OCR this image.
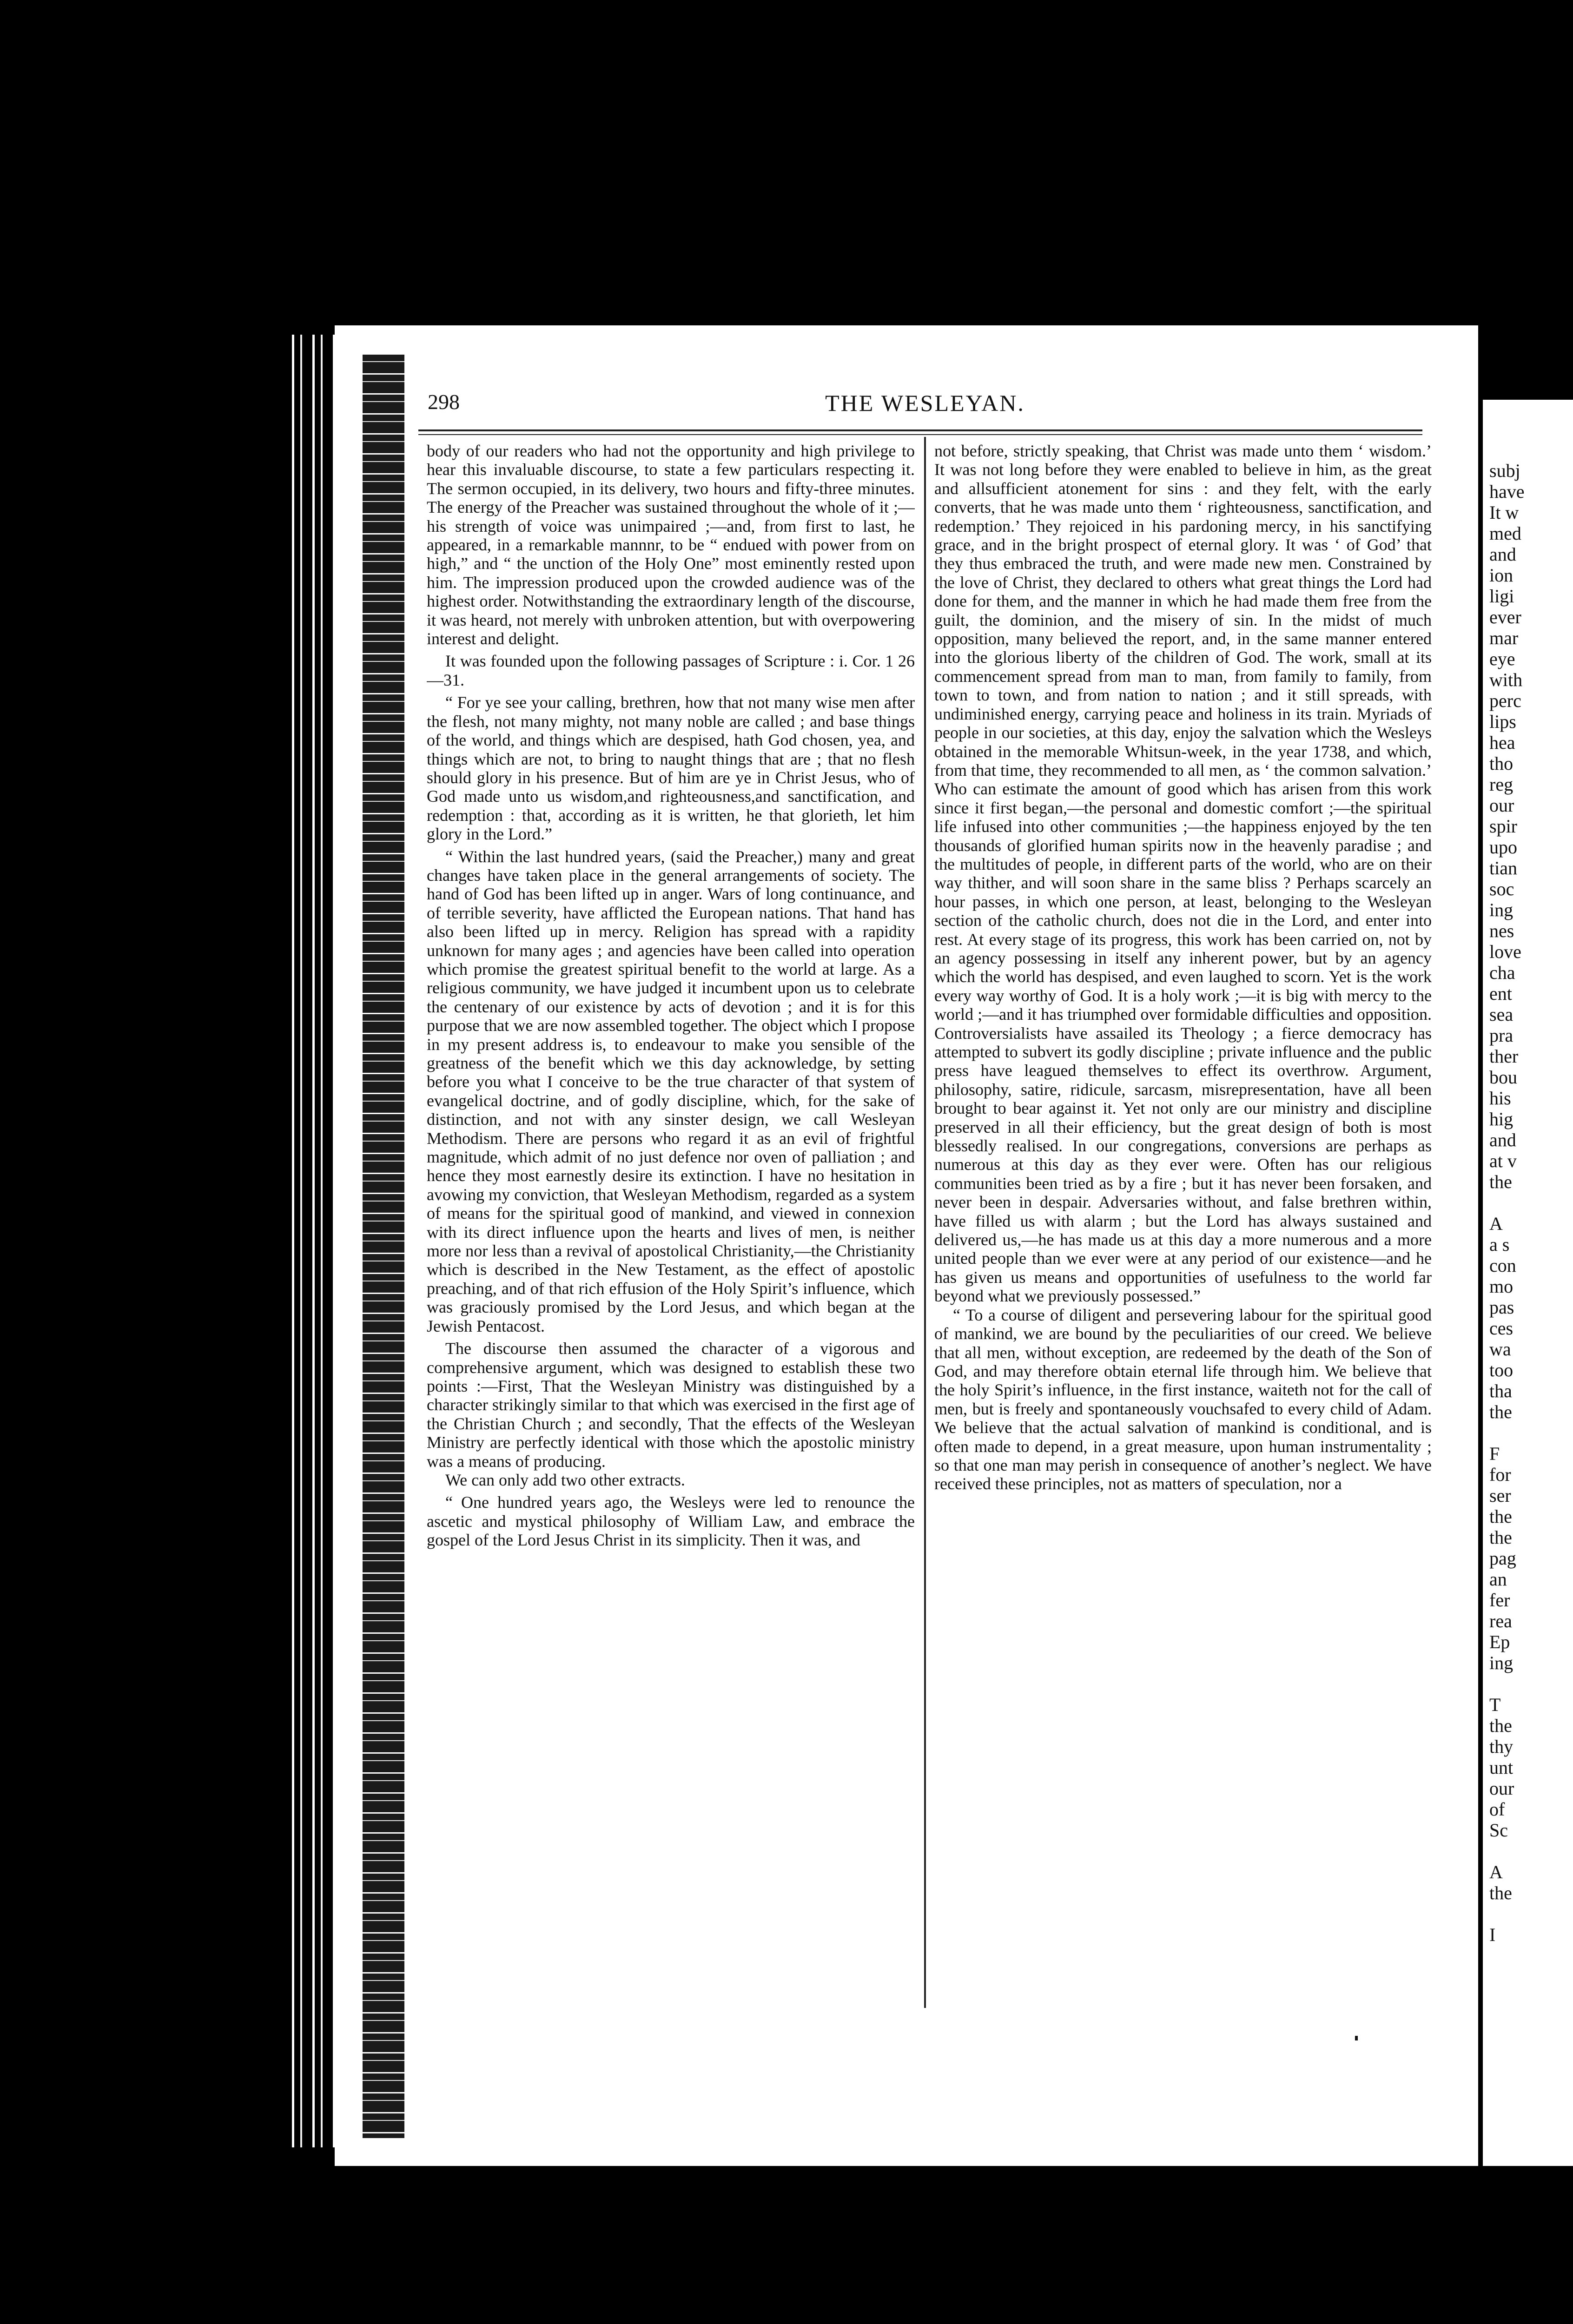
298	THE WESLEYAN.

body of our readers who had not the opportunity and high privilege to hear this invaluable discourse, to state a few particulars respecting it. The sermon occupied, in its delivery, two hours and fifty-three minutes. The energy of the Preacher was sustained throughout the whole of it ;—his strength of voice was unimpaired ;—and, from first to last, he appeared, in a remarkable mannnr, to be “ endued with power from on high,” and “ the unction of the Holy One” most eminently rested upon him. The impression produced upon the crowded audience was of the highest order. Notwithstanding the extraordinary length of the discourse, it was heard, not merely with unbroken attention, but with overpowering interest and delight.

It was founded upon the following passages of Scripture : i. Cor. 1 26—31.

“ For ye see your calling, brethren, how that not many wise men after the flesh, not many mighty, not many noble are called ; and base things of the world, and things which are despised, hath God chosen, yea, and things which are not, to bring to naught things that are ; that no flesh should glory in his presence. But of him are ye in Christ Jesus, who of God made unto us wisdom,and righteousness,and sanctification, and redemption : that, according as it is written, he that glorieth, let him glory in the Lord.”

“ Within the last hundred years, (said the Preacher,) many and great changes have taken place in the general arrangements of society. The hand of God has been lifted up in anger. Wars of long continuance, and of terrible severity, have afflicted the European nations. That hand has also been lifted up in mercy. Religion has spread with a rapidity unknown for many ages ; and agencies have been called into operation which promise the greatest spiritual benefit to the world at large. As a religious community, we have judged it incumbent upon us to celebrate the centenary of our existence by acts of devotion ; and it is for this purpose that we are now assembled together. The object which I propose in my present address is, to endeavour to make you sensible of the greatness of the benefit which we this day acknowledge, by setting before you what I conceive to be the true character of that system of evangelical doctrine, and of godly discipline, which, for the sake of distinction, and not with any sinster design, we call Wesleyan Methodism. There are persons who regard it as an evil of frightful magnitude, which admit of no just defence nor oven of palliation ; and hence they most earnestly desire its extinction. I have no hesitation in avowing my conviction, that Wesleyan Methodism, regarded as a system of means for the spiritual good of mankind, and viewed in connexion with its direct influence upon the hearts and lives of men, is neither more nor less than a revival of apostolical Christianity,—the Christianity which is described in the New Testament, as the effect of apostolic preaching, and of that rich effusion of the Holy Spirit’s influence, which was graciously promised by the Lord Jesus, and which began at the Jewish Pentacost.

The discourse then assumed the character of a vigorous and comprehensive argument, which was designed to establish these two points :—First, That the Wesleyan Ministry was distinguished by a character strikingly similar to that which was exercised in the first age of the Christian Church ; and secondly, That the effects of the Wesleyan Ministry are perfectly identical with those which the apostolic ministry was a means of producing.

We can only add two other extracts.

“ One hundred years ago, the Wesleys were led to renounce the ascetic and mystical philosophy of William Law, and embrace the gospel of the Lord Jesus Christ in its simplicity. Then it was, and

not before, strictly speaking, that Christ was made unto them ‘ wisdom.’ It was not long before they were enabled to believe in him, as the great and allsufficient atonement for sins : and they felt, with the early converts, that he was made unto them ‘ righteousness, sanctification, and redemption.’ They rejoiced in his pardoning mercy, in his sanctifying grace, and in the bright prospect of eternal glory. It was ‘ of God’ that they thus embraced the truth, and were made new men. Constrained by the love of Christ, they declared to others what great things the Lord had done for them, and the manner in which he had made them free from the guilt, the dominion, and the misery of sin. In the midst of much opposition, many believed the report, and, in the same manner entered into the glorious liberty of the children of God. The work, small at its commencement spread from man to man, from family to family, from town to town, and from nation to nation ; and it still spreads, with undiminished energy, carrying peace and holiness in its train. Myriads of people in our societies, at this day, enjoy the salvation which the Wesleys obtained in the memorable Whitsun-week, in the year 1738, and which, from that time, they recommended to all men, as ‘ the common salvation.’ Who can estimate the amount of good which has arisen from this work since it first began,—the personal and domestic comfort ;—the spiritual life infused into other communities ;—the happiness enjoyed by the ten thousands of glorified human spirits now in the heavenly paradise ; and the multitudes of people, in different parts of the world, who are on their way thither, and will soon share in the same bliss ? Perhaps scarcely an hour passes, in which one person, at least, belonging to the Wesleyan section of the catholic church, does not die in the Lord, and enter into rest. At every stage of its progress, this work has been carried on, not by an agency possessing in itself any inherent power, but by an agency which the world has despised, and even laughed to scorn. Yet is the work every way worthy of God. It is a holy work ;—it is big with mercy to the world ;—and it has triumphed over formidable difficulties and opposition. Controversialists have assailed its Theology ; a fierce democracy has attempted to subvert its godly discipline ; private influence and the public press have leagued themselves to effect its overthrow. Argument, philosophy, satire, ridicule, sarcasm, misrepresentation, have all been brought to bear against it. Yet not only are our ministry and discipline preserved in all their efficiency, but the great design of both is most blessedly realised. In our congregations, conversions are perhaps as numerous at this day as they ever were. Often has our religious communities been tried as by a fire ; but it has never been forsaken, and never been in despair. Adversaries without, and false brethren within, have filled us with alarm ; but the Lord has always sustained and delivered us,—he has made us at this day a more numerous and a more united people than we ever were at any period of our existence—and he has given us means and opportunities of usefulness to the world far beyond what we previously possessed.”

“ To a course of diligent and persevering labour for the spiritual good of mankind, we are bound by the peculiarities of our creed. We believe that all men, without exception, are redeemed by the death of the Son of God, and may therefore obtain eternal life through him. We believe that the holy Spirit’s influence, in the first instance, waiteth not for the call of men, but is freely and spontaneously vouchsafed to every child of Adam. We believe that the actual salvation of mankind is conditional, and is often made to depend, in a great measure, upon human instrumentality ; so that one man may perish in consequence of another’s neglect. We have received these principles, not as matters of speculation, nor a

subj
have
It w
med
and
ion
ligi
ever
mar
eye
with
perc
lips
hea
tho
reg
our
spir
upo
tian
soc
ing
nes
love
cha
ent
sea
pra
ther
bou
his
hig
and
at v
the
A
a s
con
mo
pas
ces
wa
too
tha
the
F
for
ser
the
the
pag
an
fer
rea
Ep
ing
T
the
thy
unt
our
of
Sc
A
the
I
